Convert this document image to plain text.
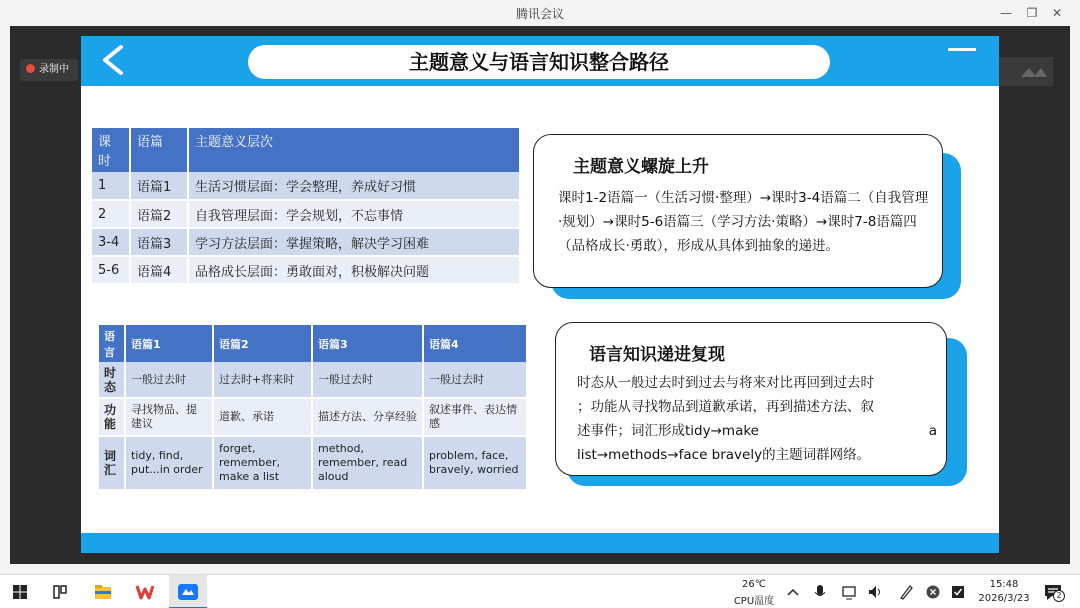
腾讯会议	—	❐	✕
录制中
	主题意义与语言知识整合路径
课时	语篇	主题意义层次
1	语篇1	生活习惯层面：学会整理，养成好习惯
2	语篇2	自我管理层面：学会规划，不忘事情
3-4	语篇3	学习方法层面：掌握策略，解决学习困难
5-6	语篇4	品格成长层面：勇敢面对，积极解决问题
语言	语篇1	语篇2	语篇3	语篇4
时态	一般过去时	过去时+将来时	一般过去时	一般过去时
功能	寻找物品、提建议	道歉、承诺	描述方法、分享经验	叙述事件、表达情感
词汇	tidy, find, put...in order	forget, remember, make a list	method, remember, read aloud	problem, face, bravely, worried
主题意义螺旋上升
课时1-2语篇一（生活习惯·整理）→课时3-4语篇二（自我管理·规划）→课时5-6语篇三（学习方法·策略）→课时7-8语篇四（品格成长·勇敢），形成从具体到抽象的递进。
语言知识递进复现
时态从一般过去时到过去与将来对比再回到过去时
；功能从寻找物品到道歉承诺，再到描述方法、叙
述事件；词汇形成tidy→make	a
list→methods→face bravely的主题词群网络。
26℃
CPU温度
15:48
2026/3/23	2
